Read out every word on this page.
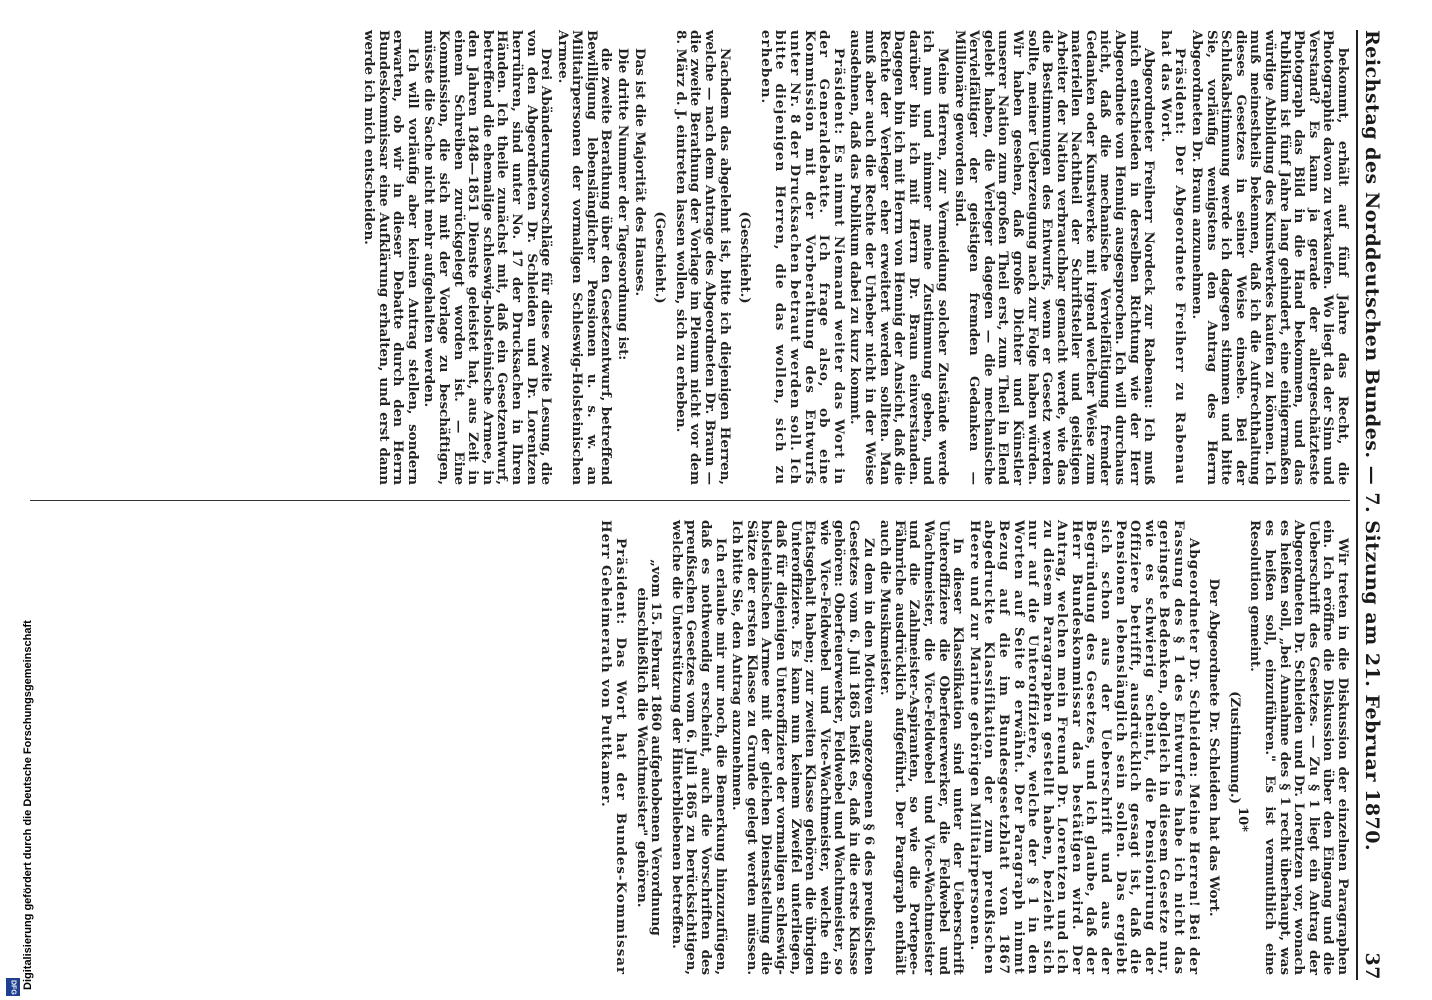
Reichstag des Norddeutschen Bundes. — 7. Sitzung am 21. Februar 1870.
37

bekommt, erhält auf fünf Jahre das Recht, die Photographie davon zu verkaufen. Wo liegt da der Sinn und Verstand? Es kann ja gerade der allergeschätzteste Photograph das Bild in die Hand bekommen, und das Publikum ist fünf Jahre lang gehindert, eine einigermaßen würdige Abbildung des Kunstwerkes kaufen zu können. Ich muß meinestheils bekennen, daß ich die Aufrechthaltung dieses Gesetzes in seiner Weise einsehe. Bei der Schlußabstimmung werde ich dagegen stimmen und bitte Sie, vorläufig wenigstens den Antrag des Herrn Abgeordneten Dr. Braun anzunehmen.

Präsident: Der Abgeordnete Freiherr zu Rabenau hat das Wort.

Abgeordneter Freiherr Nordeck zur Rabenau: Ich muß mich entschieden in derselben Richtung wie der Herr Abgeordnete von Hennig ausgesprochen. Ich will durchaus nicht, daß die mechanische Vervielfältigung fremder Gedanken oder Kunstwerke mit irgend welcher Weise zum materiellen Nachtheil der Schriftsteller und geistigen Arbeiter der Nation verbrauchbar gemacht werde, wie das die Bestimmungen des Entwurfs, wenn er Gesetz werden sollte, meiner Ueberzeugung nach zur Folge haben würden. Wir haben gesehen, daß große Dichter und Künstler unserer Nation zum großen Theil erst, zum Theil in Elend gelebt haben, die Verleger dagegen — die mechanische Vervielfältiger der geistigen fremden Gedanken — Millionäre geworden sind.

Meine Herren, zur Vermeidung solcher Zustände werde ich nun und nimmer meine Zustimmung geben, und darüber bin ich mit Herrn Dr. Braun einverstanden. Dagegen bin ich mit Herrn von Hennig der Ansicht, daß die Rechte der Verleger eher erweitert werden sollten. Man muß aber auch die Rechte der Urheber nicht in der Weise ausdehnen, daß das Publikum dabei zu kurz kommt.

Präsident: Es nimmt Niemand weiter das Wort in der Generaldebatte. Ich frage also, ob eine Kommission mit der Vorberathung des Entwurfs unter Nr. 8 der Drucksachen betraut werden soll. Ich bitte diejenigen Herren, die das wollen, sich zu erheben.

(Geschieht.)

Nachdem das abgelehnt ist, bitte ich diejenigen Herren, welche — nach dem Antrage des Abgeordneten Dr. Braun — die zweite Berathung der Vorlage im Plenum nicht vor dem 8. März d. J. eintreten lassen wollen, sich zu erheben.

(Geschieht.)

Das ist die Majorität des Hauses.

Die dritte Nummer der Tagesordnung ist:

die zweite Berathung über den Gesetzentwurf, betreffend Bewilligung lebenslänglicher Pensionen u. s. w. an Militairpersonen der vormaligen Schleswig-Holsteinischen Armee.

Drei Abänderungsvorschläge für diese zweite Lesung, die von den Abgeordneten Dr. Schleiden und Dr. Lorentzen herrühren, sind unter No. 17 der Drucksachen in Ihren Händen. Ich theile zunächst mit, daß ein Gesetzentwurf, betreffend die ehemalige schleswig-holsteinische Armee, in den Jahren 1848—1851 Dienste geleistet hat, aus Zeit in einem Schreiben zurückgelegt worden ist. — Eine Kommission, die sich mit der Vorlage zu beschäftigen, müsste die Sache nicht mehr aufgehalten werden.

Ich will vorläufig aber keinen Antrag stellen, sondern erwarten, ob wir in dieser Debatte durch den Herrn Bundeskommissar eine Aufklärung erhalten, und erst dann werde ich mich entscheiden.

Wir treten in die Diskussion der einzelnen Paragraphen ein. Ich eröffne die Diskussion über den Eingang und die Ueberschrift des Gesetzes. — Zu § 1 liegt ein Antrag der Abgeordneten Dr. Schleiden und Dr. Lorentzen vor, wonach es heißen soll, „bei Annahme des § 1 recht überhaupt, was es heißen soll, einzuführen." Es ist vermuthlich eine Resolution gemeint.

(Zustimmung.)

Der Abgeordnete Dr. Schleiden hat das Wort.

Abgeordneter Dr. Schleiden: Meine Herren! Bei der Fassung des § 1 des Entwurfes habe ich nicht das geringste Bedenken, obgleich in diesem Gesetze nur, wie es schwierig scheint, die Pensionirung der Offiziere betrifft, ausdrücklich gesagt ist, daß die Pensionen lebenslänglich sein sollen. Das ergiebt sich schon aus der Ueberschrift und aus der Begründung des Gesetzes, und ich glaube, daß der Herr Bundeskommissar das bestätigen wird. Der Antrag, welchen mein Freund Dr. Lorentzen und ich zu diesem Paragraphen gestellt haben, bezieht sich nur auf die Unteroffiziere, welche der § 1 in den Worten auf Seite 8 erwähnt. Der Paragraph nimmt Bezug auf die im Bundesgesetzblatt von 1867 abgedruckte Klassifikation der zum preußischen Heere und zur Marine gehörigen Militairpersonen.

In dieser Klassifikation sind unter der Ueberschrift Unteroffiziere die Oberfeuerwerker, die Feldwebel und Wachtmeister, die Vice-Feldwebel und Vice-Wachtmeister und die Zahlmeister-Aspiranten, so wie die Portepee-Fähnriche ausdrücklich aufgeführt. Der Paragraph enthält auch die Musikmeister.

Zu dem in den Motiven angezogenen § 6 des preußischen Gesetzes vom 6. Juli 1865 heißt es, daß in die erste Klasse gehören: Oberfeuerwerker, Feldwebel und Wachtmeister, so wie Vice-Feldwebel und Vice-Wachtmeister, welche ein Etatsgehalt haben; zur zweiten Klasse gehören die übrigen Unteroffiziere. Es kann nun keinem Zweifel unterliegen, daß für diejenigen Unteroffiziere der vormaligen schleswig-holsteinischen Armee mit der gleichen Dienststellung die Sätze der ersten Klasse zu Grunde gelegt werden müssen. Ich bitte Sie, den Antrag anzunehmen.

Ich erlaube mir nur noch, die Bemerkung hinzuzufügen, daß es nothwendig erscheint, auch die Vorschriften des preußischen Gesetzes vom 6. Juli 1865 zu berücksichtigen, welche die Unterstützung der Hinterbliebenen betreffen.

„vom 15. Februar 1860 aufgehobenen Verordnung einschließlich die Wachtmeister" gehören.

Präsident: Das Wort hat der Bundes-Kommissar Herr Geheimerath von Puttkamer.

10*
Digitalisierung gefördert durch die Deutsche Forschungsgemeinschaft
DFG
